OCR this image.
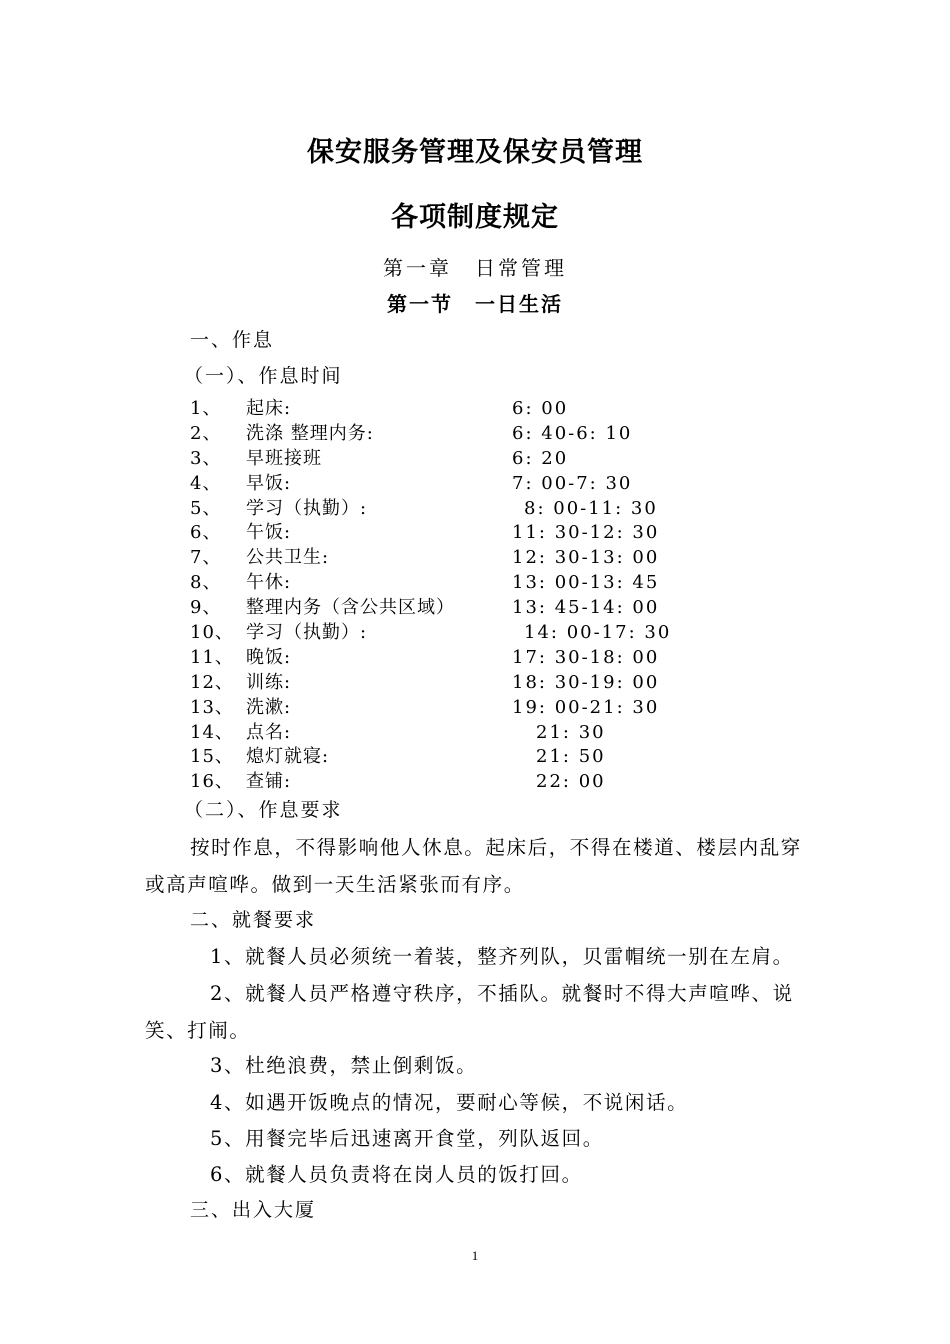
保安服务管理及保安员管理
各项制度规定
第一章　日常管理
第一节　一日生活
一、作息
（一）、作息时间
1、 起床:	6: 00
2、 洗涤 整理内务:	6: 40-6: 10
3、 早班接班	6: 20
4、 早饭:	7: 00-7: 30
5、 学习（执勤）:	8: 00-11: 30
6、 午饭:	11: 30-12: 30
7、 公共卫生:	12: 30-13: 00
8、 午休:	13: 00-13: 45
9、 整理内务（含公共区域）	13: 45-14: 00
10、 学习（执勤）:	14: 00-17: 30
11、 晚饭:	17: 30-18: 00
12、 训练:	18: 30-19: 00
13、 洗漱:	19: 00-21: 30
14、 点名:	21: 30
15、 熄灯就寝:	21: 50
16、 查铺:	22: 00
（二）、作息要求
按时作息，不得影响他人休息。起床后，不得在楼道、楼层内乱穿
或高声喧哗。做到一天生活紧张而有序。
二、就餐要求
1、就餐人员必须统一着装，整齐列队，贝雷帽统一别在左肩。
2、就餐人员严格遵守秩序，不插队。就餐时不得大声喧哗、说
笑、打闹。
3、杜绝浪费，禁止倒剩饭。
4、如遇开饭晚点的情况，要耐心等候，不说闲话。
5、用餐完毕后迅速离开食堂，列队返回。
6、就餐人员负责将在岗人员的饭打回。
三、出入大厦
1
